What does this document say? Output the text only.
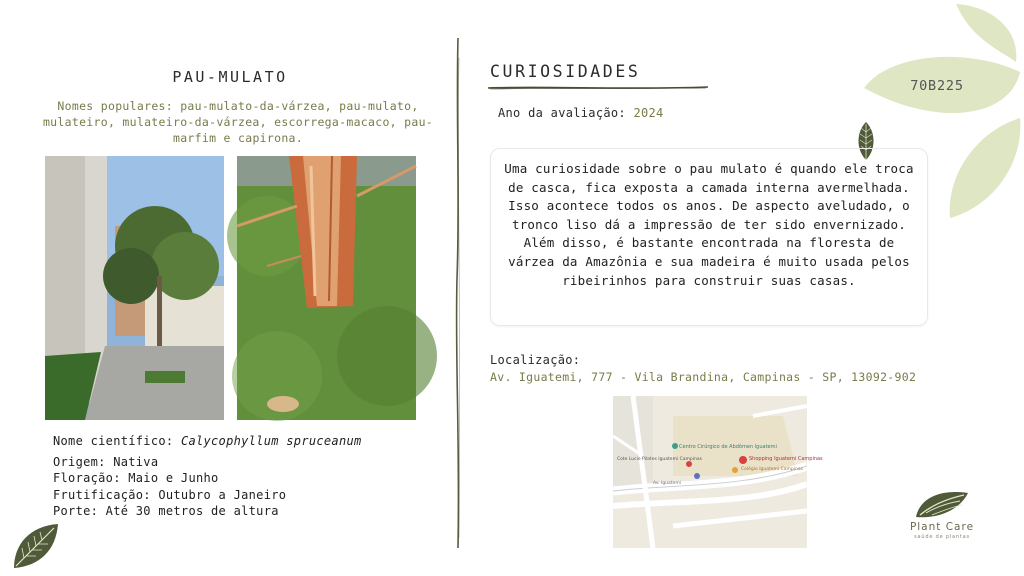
PAU-MULATO
Nomes populares: pau-mulato-da-várzea, pau-mulato, mulateiro, mulateiro-da-várzea, escorrega-macaco, pau-marfim e capirona.
Nome científico: Calycophyllum spruceanum
Origem: Nativa
Floração: Maio e Junho
Frutificação: Outubro a Janeiro
Porte: Até 30 metros de altura
CURIOSIDADES
70B225
Ano da avaliação: 2024
Uma curiosidade sobre o pau mulato é quando ele troca de casca, fica exposta a camada interna avermelhada. Isso acontece todos os anos. De aspecto aveludado, o tronco liso dá a impressão de ter sido envernizado. Além disso, é bastante encontrada na floresta de várzea da Amazônia e sua madeira é muito usada pelos ribeirinhos para construir suas casas.
Localização:
Av. Iguatemi, 777 - Vila Brandina, Campinas - SP, 13092-902
Shopping Iguatemi Campinas
Centro Cirúrgico de Abdômen Iguatemi
Cote Lucie Pilates Iguatemi Campinas
Colégio Iguatemi Campinas
Av. Iguatemi
Plant Care
saúde de plantas
